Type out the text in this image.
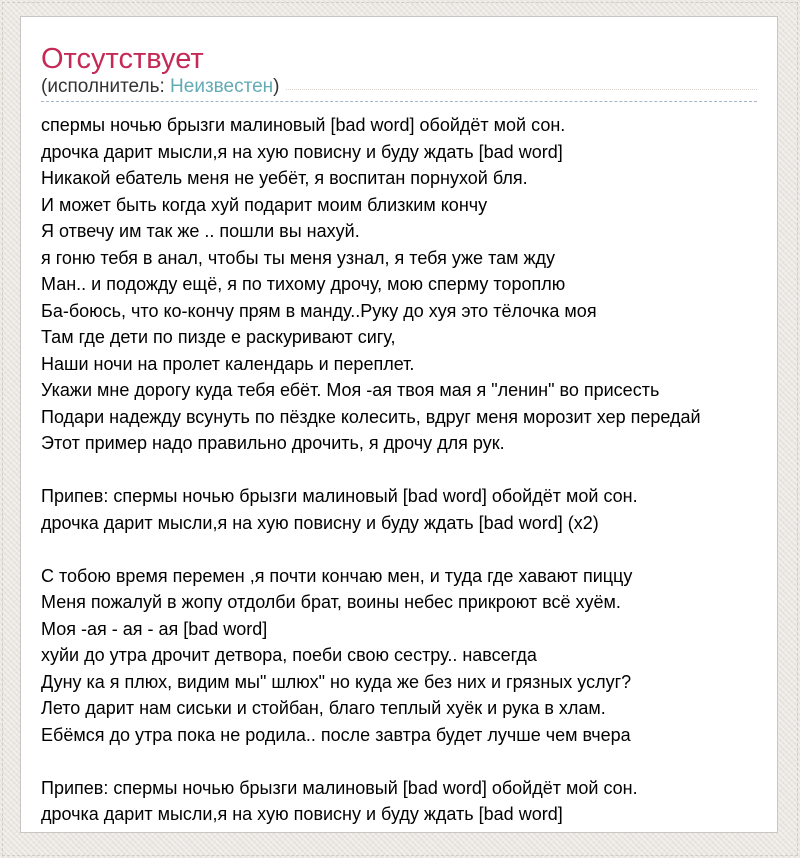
Отсутствует
(исполнитель: Неизвестен)
спермы ночью брызги малиновый [bad word] обойдёт мой сон.
дрочка дарит мысли,я на хую повисну и буду ждать [bad word]
Никакой ебатель меня не уебёт, я воспитан порнухой бля.
И может быть когда хуй подарит моим близким кончу
Я отвечу им так же .. пошли вы нахуй.
я гоню тебя в анал, чтобы ты меня узнал, я тебя уже там жду
Ман.. и подожду ещё, я по тихому дрочу, мою сперму тороплю
Ба-боюсь, что ко-кончу прям в манду..Руку до хуя это тёлочка моя
Там где дети по пизде е раскуривают сигу,
Наши ночи на пролет календарь и переплет.
Укажи мне дорогу куда тебя ебёт. Моя -ая твоя мая я "ленин" во присесть
Подари надежду всунуть по пёздке колесить, вдруг меня морозит хер передай
Этот пример надо правильно дрочить, я дрочу для рук.
Припев: спермы ночью брызги малиновый [bad word] обойдёт мой сон.
дрочка дарит мысли,я на хую повисну и буду ждать [bad word] (x2)
С тобою время перемен ,я почти кончаю мен, и туда где хавают пиццу
Меня пожалуй в жопу отдолби брат, воины небес прикроют всё хуём.
Моя -ая - ая - ая [bad word]
хуйи до утра дрочит детвора, поеби свою сестру.. навсегда
Дуну ка я плюх, видим мы" шлюх" но куда же без них и грязных услуг?
Лето дарит нам сиськи и стойбан, благо теплый хуёк и рука в хлам.
Ебёмся до утра пока не родила.. после завтра будет лучше чем вчера
Припев: спермы ночью брызги малиновый [bad word] обойдёт мой сон.
дрочка дарит мысли,я на хую повисну и буду ждать [bad word]
